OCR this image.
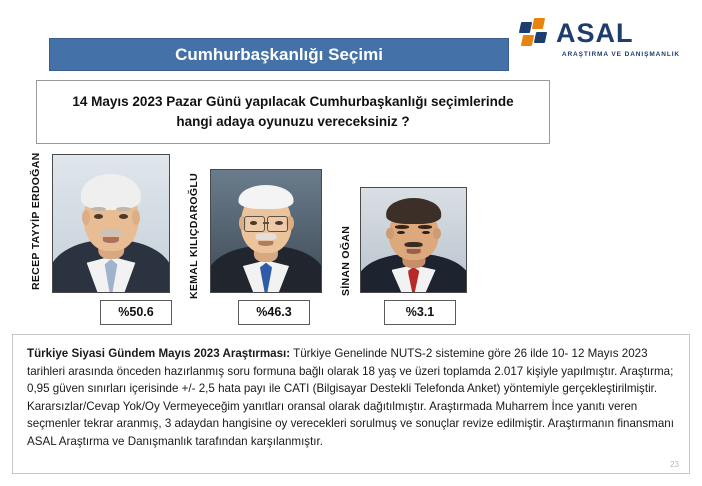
ASAL
ARAŞTIRMA VE DANIŞMANLIK
Cumhurbaşkanlığı Seçimi
14 Mayıs 2023 Pazar Günü yapılacak Cumhurbaşkanlığı seçimlerinde
hangi adaya oyunuzu vereceksiniz ?
RECEP TAYYİP ERDOĞAN
%50.6
KEMAL KILIÇDAROĞLU
%46.3
SİNAN OĞAN
%3.1

Türkiye Siyasi Gündem Mayıs 2023 Araştırması: Türkiye Genelinde NUTS-2 sistemine göre 26 ilde 10- 12 Mayıs 2023 tarihleri arasında önceden hazırlanmış soru formuna bağlı olarak 18 yaş ve üzeri toplamda 2.017 kişiyle yapılmıştır. Araştırma; 0,95 güven sınırları içerisinde +/- 2,5 hata payı ile CATI (Bilgisayar Destekli Telefonda Anket) yöntemiyle gerçekleştirilmiştir. Kararsızlar/Cevap Yok/Oy Vermeyeceğim yanıtları oransal olarak dağıtılmıştır. Araştırmada Muharrem İnce yanıtı veren seçmenler tekrar aranmış, 3 adaydan hangisine oy verecekleri sorulmuş ve sonuçlar revize edilmiştir. Araştırmanın finansmanı ASAL Araştırma ve Danışmanlık tarafından karşılanmıştır.

23
